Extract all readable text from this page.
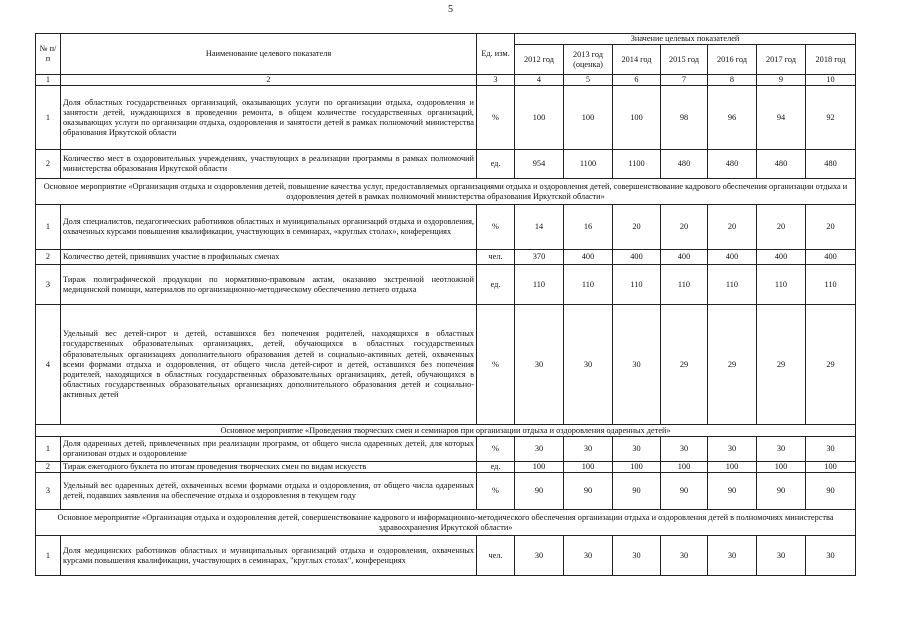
5
№ п/п	Наименование целевого показателя	Ед. изм.	Значение целевых показателей						
			2012 год	2013 год (оценка)	2014 год	2015 год	2016 год	2017 год	2018 год
1	2	3	4	5	6	7	8	9	10
1	Доля областных государственных организаций, оказывающих услуги по организации отдыха, оздоровления и занятости детей, нуждающихся в проведении ремонта, в общем количестве государственных организаций, оказывающих услуги по организации отдыха, оздоровления и занятости детей в рамках полномочий министерства образования Иркутской области	%	100	100	100	98	96	94	92
2	Количество мест в оздоровительных учреждениях, участвующих в реализации программы в рамках полномочий министерства образования Иркутской области	ед.	954	1100	1100	480	480	480	480
Основное мероприятие «Организация отдыха и оздоровления детей, повышение качества услуг, предоставляемых организациями отдыха и оздоровления детей, совершенствование кадрового обеспечения организации отдыха и оздоровления детей в рамках полномочий министерства образования Иркутской области»									
1	Доля специалистов, педагогических работников областных и муниципальных организаций отдыха и оздоровления, охваченных курсами повышения квалификации, участвующих в семинарах, «круглых столах», конференциях	%	14	16	20	20	20	20	20
2	Количество детей, принявших участие в профильных сменах	чел.	370	400	400	400	400	400	400
3	Тираж полиграфической продукции по нормативно-правовым актам, оказанию экстренной неотложной медицинской помощи, материалов по организационно-методическому обеспечению летнего отдыха	ед.	110	110	110	110	110	110	110
4	Удельный вес детей-сирот и детей, оставшихся без попечения родителей, находящихся в областных государственных образовательных организациях, детей, обучающихся в областных государственных образовательных организациях дополнительного образования детей и социально-активных детей, охваченных всеми формами отдыха и оздоровления, от общего числа детей-сирот и детей, оставшихся без попечения родителей, находящихся в областных государственных образовательных организациях, детей, обучающихся в областных государственных образовательных организациях дополнительного образования детей и социально-активных детей	%	30	30	30	29	29	29	29
Основное мероприятие «Проведения творческих смен и семинаров при организации отдыха и оздоровления одаренных детей»									
1	Доля одаренных детей, привлеченных при реализации программ, от общего числа одаренных детей, для которых организован отдых и оздоровление	%	30	30	30	30	30	30	30
2	Тираж ежегодного буклета по итогам проведения творческих смен по видам искусств	ед.	100	100	100	100	100	100	100
3	Удельный вес одаренных детей, охваченных всеми формами отдыха и оздоровления, от общего числа одаренных детей, подавших заявления на обеспечение отдыха и оздоровления в текущем году	%	90	90	90	90	90	90	90
Основное мероприятие «Организация отдыха и оздоровления детей, совершенствование кадрового и информационно-методического обеспечения организации отдыха и оздоровления детей в полномочиях министерства здравоохранения Иркутской области»									
1	Доля медицинских работников областных и муниципальных организаций отдыха и оздоровления, охваченных курсами повышения квалификации, участвующих в семинарах, "круглых столах", конференциях	чел.	30	30	30	30	30	30	30
